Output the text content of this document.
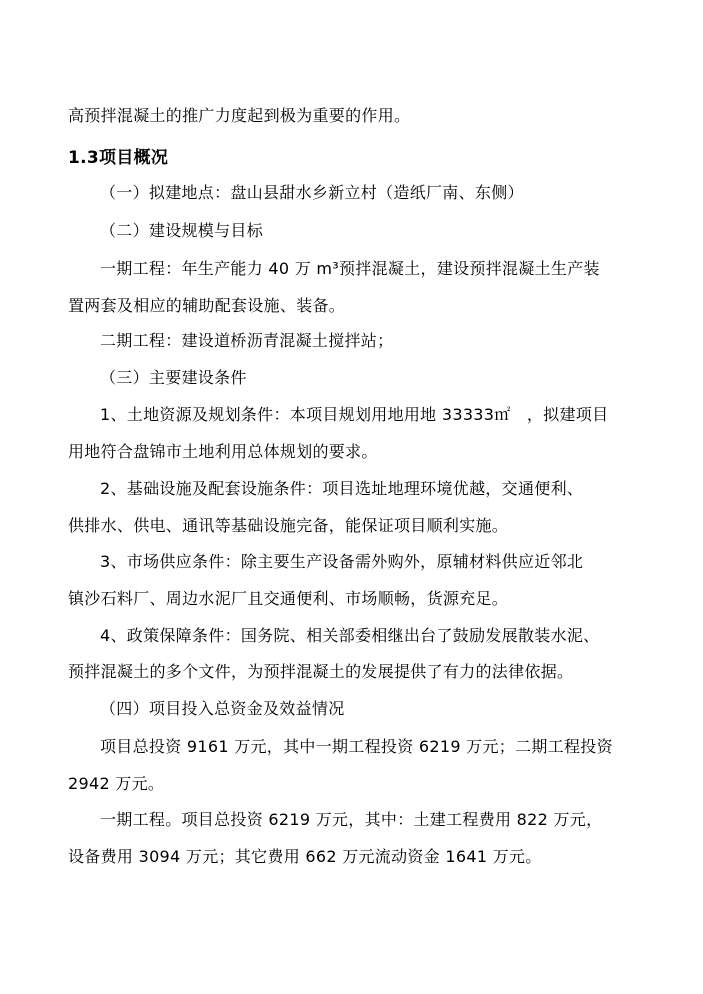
高预拌混凝土的推广力度起到极为重要的作用。
1.3项目概况
（一）拟建地点：盘山县甜水乡新立村（造纸厂南、东侧）
（二）建设规模与目标
一期工程：年生产能力 40 万 m³预拌混凝土，建设预拌混凝土生产装
置两套及相应的辅助配套设施、装备。
二期工程：建设道桥沥青混凝土搅拌站；
（三）主要建设条件
1、土地资源及规划条件：本项目规划用地用地 33333㎡　，拟建项目
用地符合盘锦市土地利用总体规划的要求。
2、基础设施及配套设施条件：项目选址地理环境优越，交通便利、
供排水、供电、通讯等基础设施完备，能保证项目顺利实施。
3、市场供应条件：除主要生产设备需外购外，原辅材料供应近邻北
镇沙石料厂、周边水泥厂且交通便利、市场顺畅，货源充足。
4、政策保障条件：国务院、相关部委相继出台了鼓励发展散装水泥、
预拌混凝土的多个文件，为预拌混凝土的发展提供了有力的法律依据。
（四）项目投入总资金及效益情况
项目总投资 9161 万元，其中一期工程投资 6219 万元；二期工程投资
2942 万元。
一期工程。项目总投资 6219 万元，其中：土建工程费用 822 万元，
设备费用 3094 万元；其它费用 662 万元流动资金 1641 万元。
